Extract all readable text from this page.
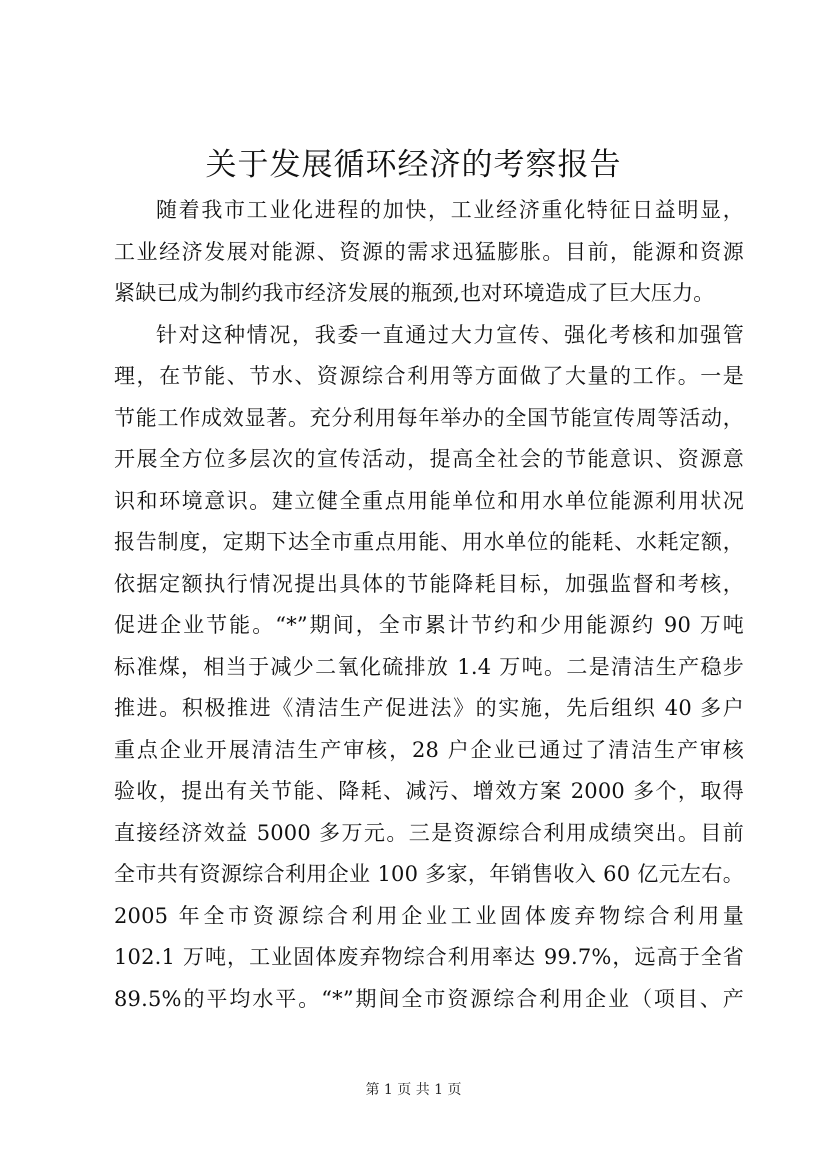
关于发展循环经济的考察报告
随着我市工业化进程的加快，工业经济重化特征日益明显，
工业经济发展对能源、资源的需求迅猛膨胀。目前，能源和资源
紧缺已成为制约我市经济发展的瓶颈,也对环境造成了巨大压力。
针对这种情况，我委一直通过大力宣传、强化考核和加强管
理，在节能、节水、资源综合利用等方面做了大量的工作。一是
节能工作成效显著。充分利用每年举办的全国节能宣传周等活动，
开展全方位多层次的宣传活动，提高全社会的节能意识、资源意
识和环境意识。建立健全重点用能单位和用水单位能源利用状况
报告制度，定期下达全市重点用能、用水单位的能耗、水耗定额，
依据定额执行情况提出具体的节能降耗目标，加强监督和考核，
促进企业节能。“*”期间，全市累计节约和少用能源约 90 万吨
标准煤，相当于减少二氧化硫排放 1.4 万吨。二是清洁生产稳步
推进。积极推进《清洁生产促进法》的实施，先后组织 40 多户
重点企业开展清洁生产审核，28 户企业已通过了清洁生产审核
验收，提出有关节能、降耗、减污、增效方案 2000 多个，取得
直接经济效益 5000 多万元。三是资源综合利用成绩突出。目前
全市共有资源综合利用企业 100 多家，年销售收入 60 亿元左右。
2005 年全市资源综合利用企业工业固体废弃物综合利用量
102.1 万吨，工业固体废弃物综合利用率达 99.7%，远高于全省
89.5%的平均水平。“*”期间全市资源综合利用企业（项目、产
第 1 页 共 1 页
